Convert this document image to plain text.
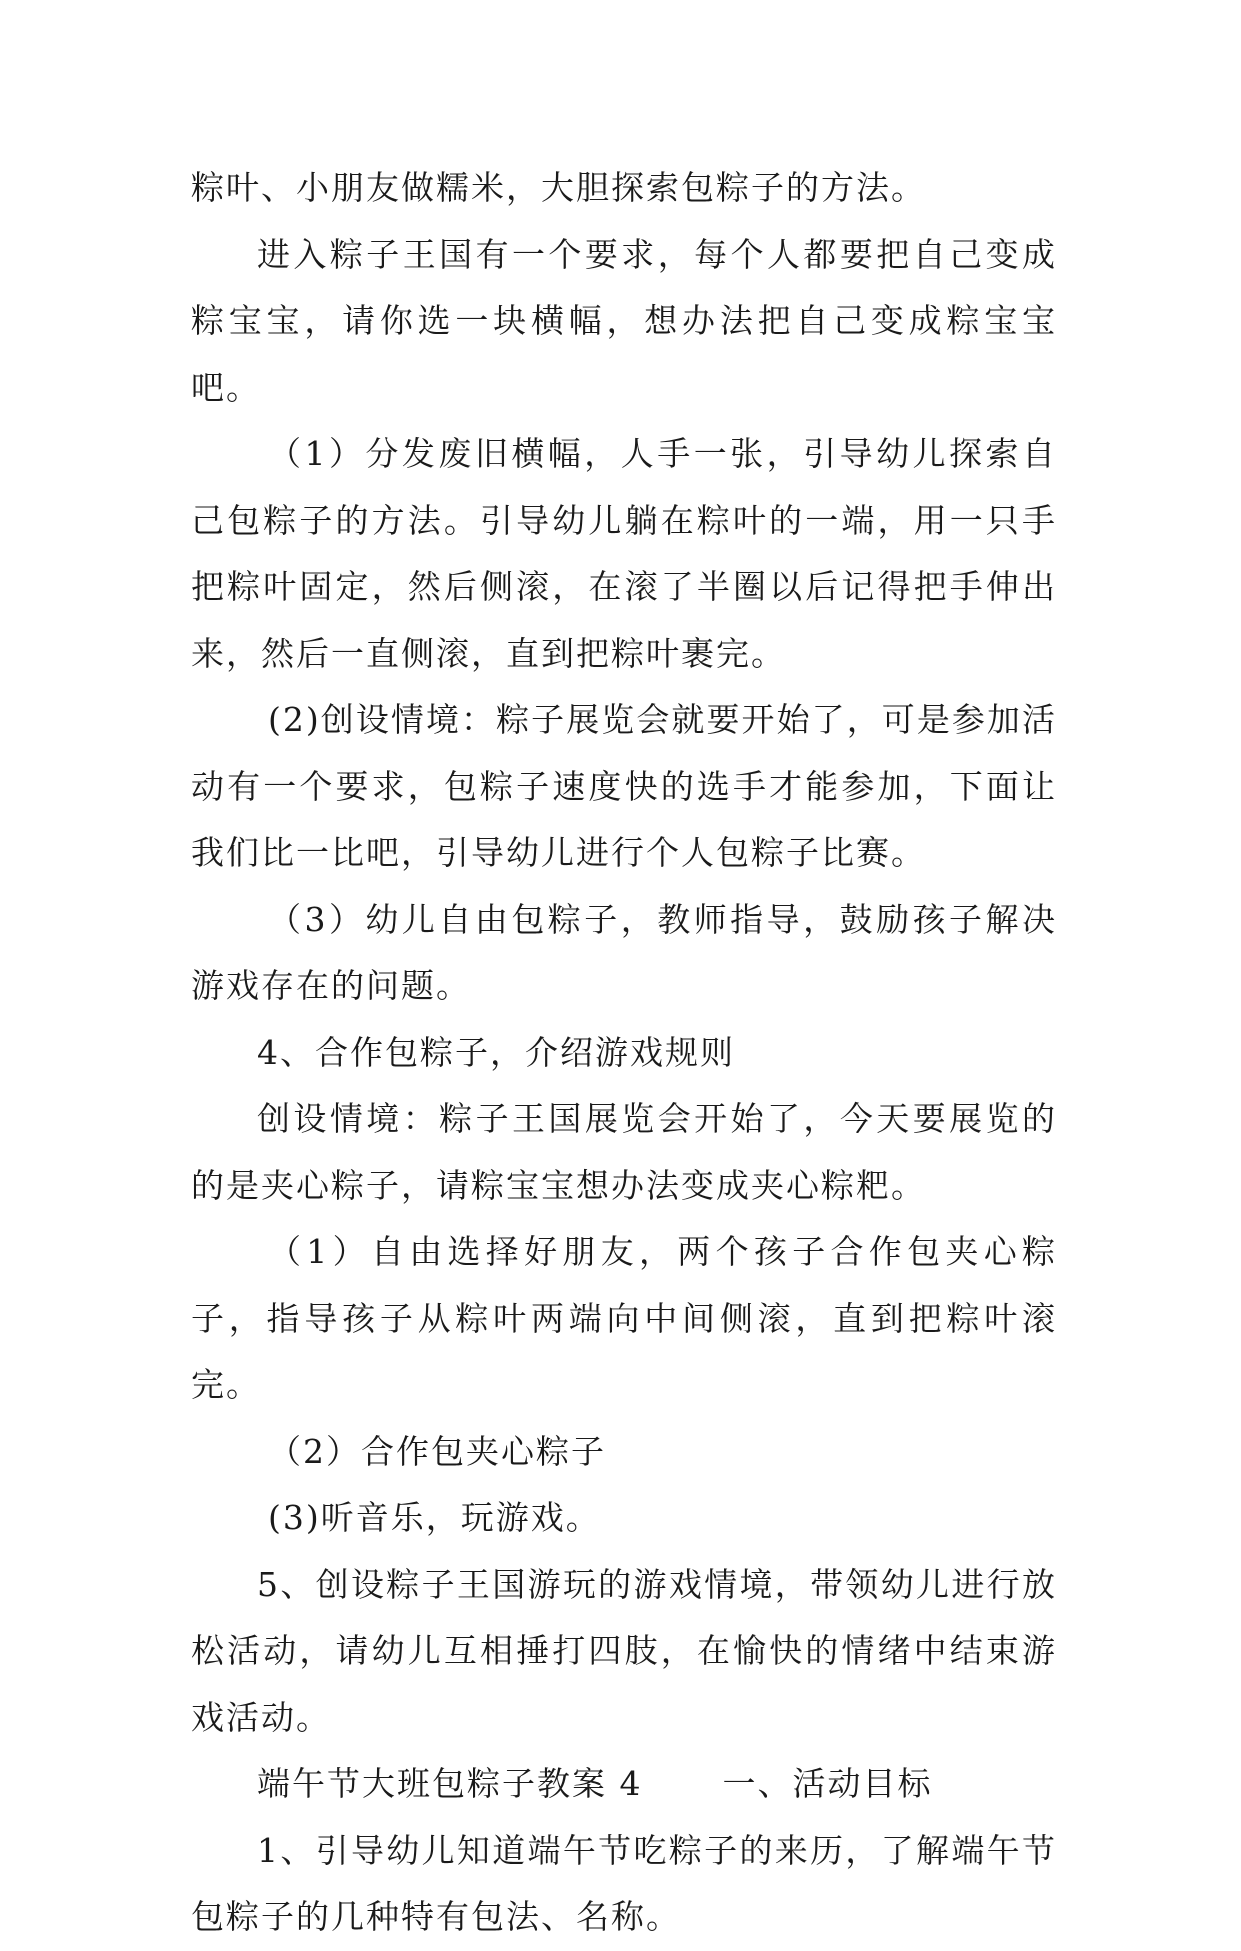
粽叶、小朋友做糯米，大胆探索包粽子的方法。

进入粽子王国有一个要求，每个人都要把自己变成粽宝宝，请你选一块横幅，想办法把自己变成粽宝宝吧。

（1）分发废旧横幅，人手一张，引导幼儿探索自己包粽子的方法。引导幼儿躺在粽叶的一端，用一只手把粽叶固定，然后侧滚，在滚了半圈以后记得把手伸出来，然后一直侧滚，直到把粽叶裹完。

(2)创设情境：粽子展览会就要开始了，可是参加活动有一个要求，包粽子速度快的选手才能参加，下面让我们比一比吧，引导幼儿进行个人包粽子比赛。

（3）幼儿自由包粽子，教师指导，鼓励孩子解决游戏存在的问题。

4、合作包粽子，介绍游戏规则

创设情境：粽子王国展览会开始了，今天要展览的的是夹心粽子，请粽宝宝想办法变成夹心粽粑。

（1）自由选择好朋友，两个孩子合作包夹心粽子，指导孩子从粽叶两端向中间侧滚，直到把粽叶滚完。

（2）合作包夹心粽子

(3)听音乐，玩游戏。

5、创设粽子王国游玩的游戏情境，带领幼儿进行放松活动，请幼儿互相捶打四肢，在愉快的情绪中结束游戏活动。

端午节大班包粽子教案 4 一、活动目标

1、引导幼儿知道端午节吃粽子的来历，了解端午节包粽子的几种特有包法、名称。
